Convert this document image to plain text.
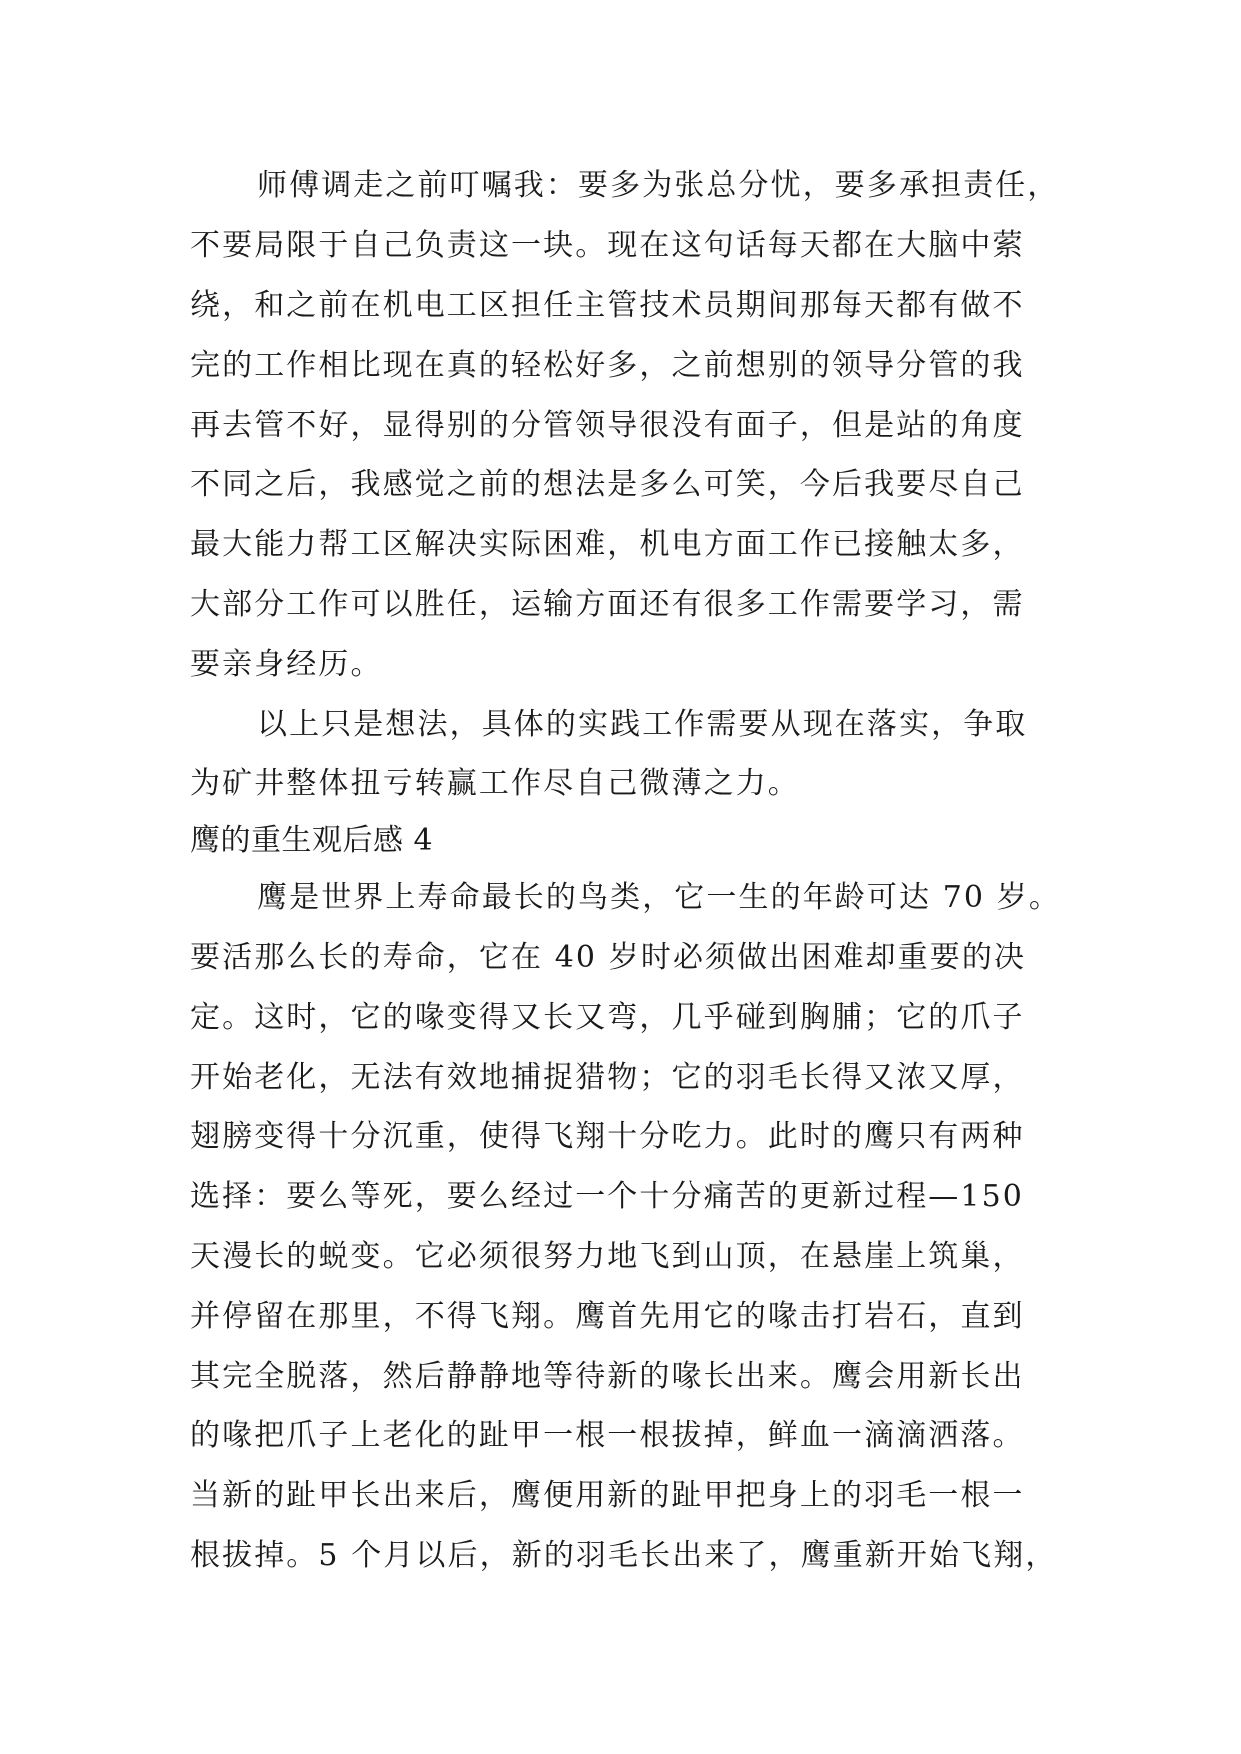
师傅调走之前叮嘱我：要多为张总分忧，要多承担责任，
不要局限于自己负责这一块。现在这句话每天都在大脑中萦
绕，和之前在机电工区担任主管技术员期间那每天都有做不
完的工作相比现在真的轻松好多，之前想别的领导分管的我
再去管不好，显得别的分管领导很没有面子，但是站的角度
不同之后，我感觉之前的想法是多么可笑，今后我要尽自己
最大能力帮工区解决实际困难，机电方面工作已接触太多，
大部分工作可以胜任，运输方面还有很多工作需要学习，需
要亲身经历。
以上只是想法，具体的实践工作需要从现在落实，争取
为矿井整体扭亏转赢工作尽自己微薄之力。
鹰的重生观后感 4
鹰是世界上寿命最长的鸟类，它一生的年龄可达 70 岁。
要活那么长的寿命，它在 40 岁时必须做出困难却重要的决
定。这时，它的喙变得又长又弯，几乎碰到胸脯；它的爪子
开始老化，无法有效地捕捉猎物；它的羽毛长得又浓又厚，
翅膀变得十分沉重，使得飞翔十分吃力。此时的鹰只有两种
选择：要么等死，要么经过一个十分痛苦的更新过程—150
天漫长的蜕变。它必须很努力地飞到山顶，在悬崖上筑巢，
并停留在那里，不得飞翔。鹰首先用它的喙击打岩石，直到
其完全脱落，然后静静地等待新的喙长出来。鹰会用新长出
的喙把爪子上老化的趾甲一根一根拔掉，鲜血一滴滴洒落。
当新的趾甲长出来后，鹰便用新的趾甲把身上的羽毛一根一
根拔掉。5 个月以后，新的羽毛长出来了，鹰重新开始飞翔，
